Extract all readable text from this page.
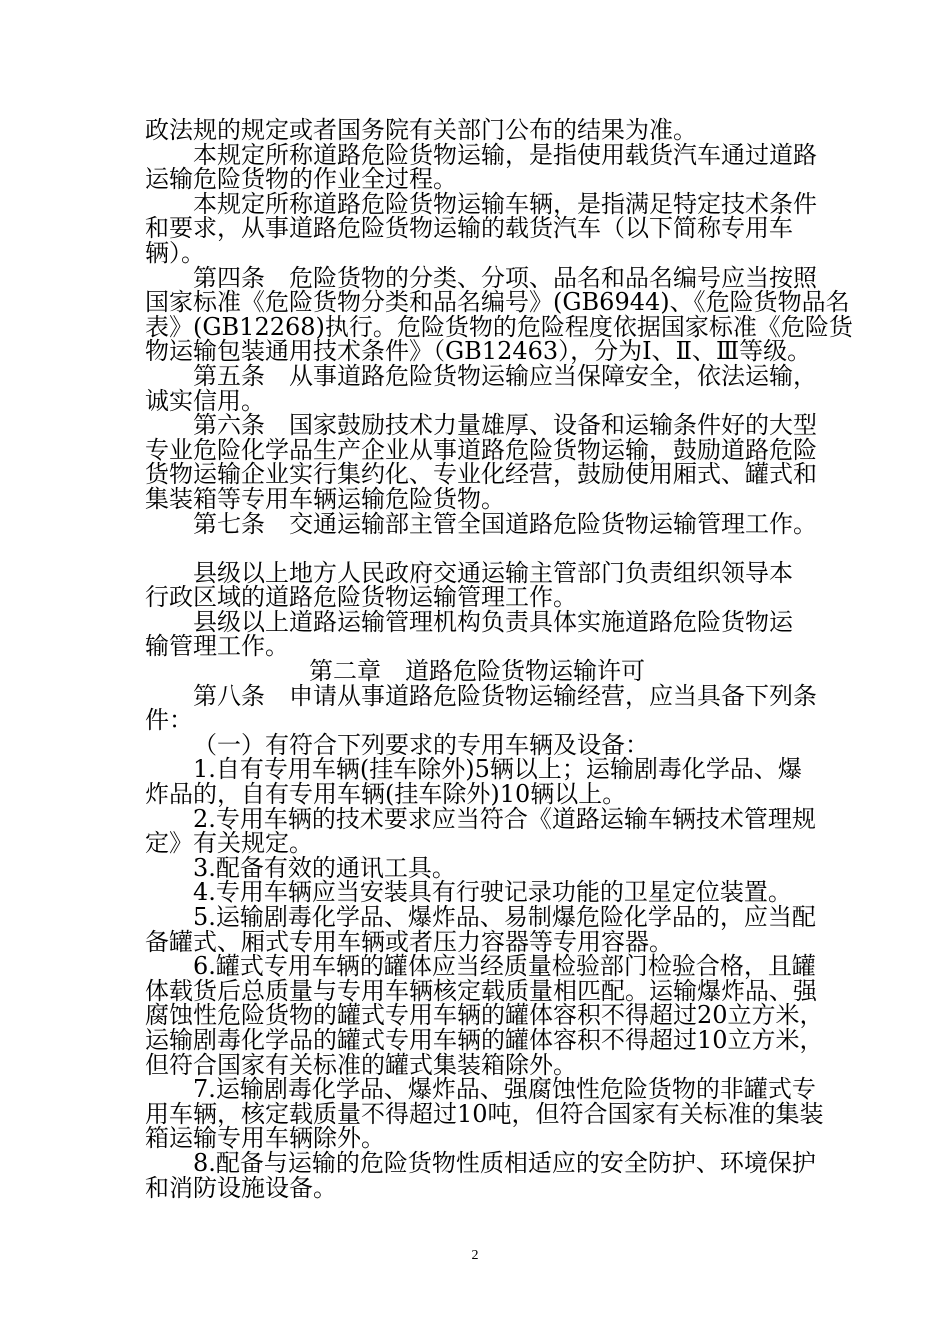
政法规的规定或者国务院有关部门公布的结果为准。
本规定所称道路危险货物运输，是指使用载货汽车通过道路
运输危险货物的作业全过程。
本规定所称道路危险货物运输车辆，是指满足特定技术条件
和要求，从事道路危险货物运输的载货汽车（以下简称专用车
辆）。
第四条　危险货物的分类、分项、品名和品名编号应当按照
国家标准《危险货物分类和品名编号》(GB6944)、《危险货物品名
表》(GB12268)执行。危险货物的危险程度依据国家标准《危险货
物运输包装通用技术条件》（GB12463），分为Ⅰ、Ⅱ、Ⅲ等级。
第五条　从事道路危险货物运输应当保障安全，依法运输，
诚实信用。
第六条　国家鼓励技术力量雄厚、设备和运输条件好的大型
专业危险化学品生产企业从事道路危险货物运输，鼓励道路危险
货物运输企业实行集约化、专业化经营，鼓励使用厢式、罐式和
集装箱等专用车辆运输危险货物。
第七条　交通运输部主管全国道路危险货物运输管理工作。
县级以上地方人民政府交通运输主管部门负责组织领导本
行政区域的道路危险货物运输管理工作。
县级以上道路运输管理机构负责具体实施道路危险货物运
输管理工作。
第二章　道路危险货物运输许可
第八条　申请从事道路危险货物运输经营，应当具备下列条
件：
（一）有符合下列要求的专用车辆及设备：
1.自有专用车辆(挂车除外)5辆以上；运输剧毒化学品、爆
炸品的，自有专用车辆(挂车除外)10辆以上。
2.专用车辆的技术要求应当符合《道路运输车辆技术管理规
定》有关规定。
3.配备有效的通讯工具。
4.专用车辆应当安装具有行驶记录功能的卫星定位装置。
5.运输剧毒化学品、爆炸品、易制爆危险化学品的，应当配
备罐式、厢式专用车辆或者压力容器等专用容器。
6.罐式专用车辆的罐体应当经质量检验部门检验合格，且罐
体载货后总质量与专用车辆核定载质量相匹配。运输爆炸品、强
腐蚀性危险货物的罐式专用车辆的罐体容积不得超过20立方米，
运输剧毒化学品的罐式专用车辆的罐体容积不得超过10立方米，
但符合国家有关标准的罐式集装箱除外。
7.运输剧毒化学品、爆炸品、强腐蚀性危险货物的非罐式专
用车辆，核定载质量不得超过10吨，但符合国家有关标准的集装
箱运输专用车辆除外。
8.配备与运输的危险货物性质相适应的安全防护、环境保护
和消防设施设备。
2
